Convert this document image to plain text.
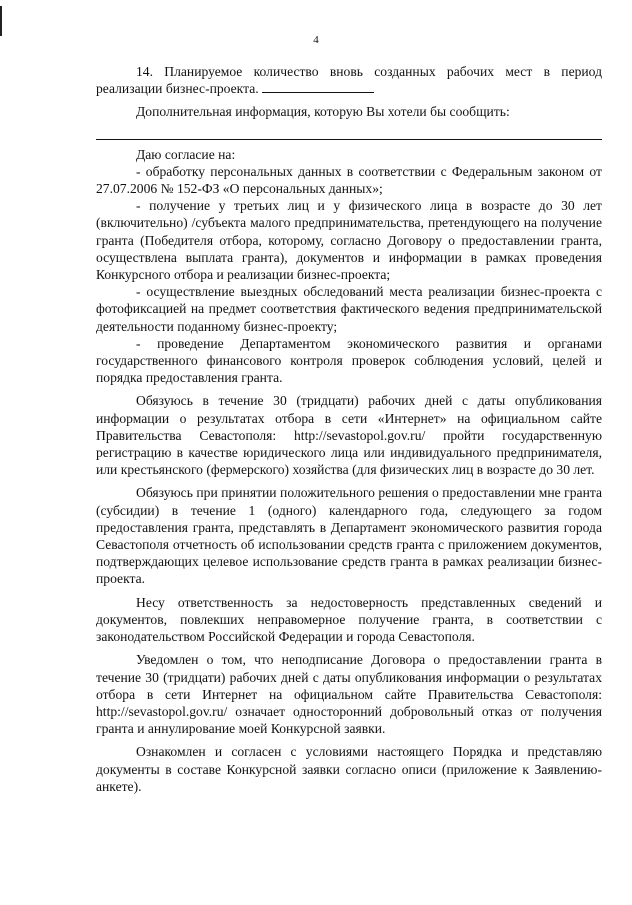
4

14. Планируемое количество вновь созданных рабочих мест в период реализации бизнес-проекта.

Дополнительная информация, которую Вы хотели бы сообщить:

Даю согласие на:

- обработку персональных данных в соответствии с Федеральным законом от 27.07.2006 № 152-ФЗ «О персональных данных»;

- получение у третьих лиц и у физического лица в возрасте до 30 лет (включительно) /субъекта малого предпринимательства, претендующего на получение гранта (Победителя отбора, которому, согласно Договору о предоставлении гранта, осуществлена выплата гранта), документов и информации в рамках проведения Конкурсного отбора и реализации бизнес-проекта;

- осуществление выездных обследований места реализации бизнес-проекта с фотофиксацией на предмет соответствия фактического ведения предпринимательской деятельности поданному бизнес-проекту;

- проведение Департаментом экономического развития и органами государственного финансового контроля проверок соблюдения условий, целей и порядка предоставления гранта.

Обязуюсь в течение 30 (тридцати) рабочих дней с даты опубликования информации о результатах отбора в сети «Интернет» на официальном сайте Правительства Севастополя: http://sevastopol.gov.ru/ пройти государственную регистрацию в качестве юридического лица или индивидуального предпринимателя, или крестьянского (фермерского) хозяйства (для физических лиц в возрасте до 30 лет.

Обязуюсь при принятии положительного решения о предоставлении мне гранта (субсидии) в течение 1 (одного) календарного года, следующего за годом предоставления гранта, представлять в Департамент экономического развития города Севастополя отчетность об использовании средств гранта с приложением документов, подтверждающих целевое использование средств гранта в рамках реализации бизнес-проекта.

Несу ответственность за недостоверность представленных сведений и документов, повлекших неправомерное получение гранта, в соответствии с законодательством Российской Федерации и города Севастополя.

Уведомлен о том, что неподписание Договора о предоставлении гранта в течение 30 (тридцати) рабочих дней с даты опубликования информации о результатах отбора в сети Интернет на официальном сайте Правительства Севастополя: http://sevastopol.gov.ru/ означает односторонний добровольный отказ от получения гранта и аннулирование моей Конкурсной заявки.

Ознакомлен и согласен с условиями настоящего Порядка и представляю документы в составе Конкурсной заявки согласно описи (приложение к Заявлению-анкете).
